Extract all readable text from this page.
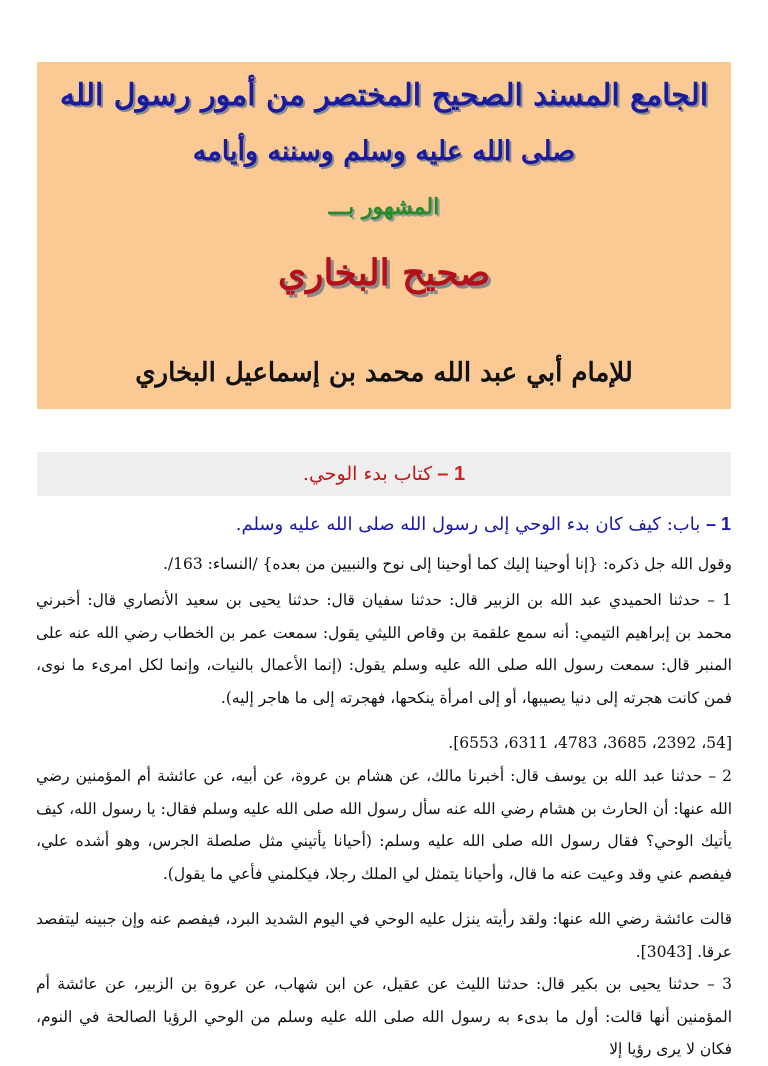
الجامع المسند الصحيح المختصر من أمور رسول الله
صلى الله عليه وسلم وسننه وأيامه
المشهور بـــ
صحيح البخاري
للإمام أبي عبد الله محمد بن إسماعيل البخاري
1 – كتاب بدء الوحي.
1 – باب: كيف كان بدء الوحي إلى رسول الله صلى الله عليه وسلم.
وقول الله جل ذكره: {إنا أوحينا إليك كما أوحينا إلى نوح والنبيين من بعده} /النساء: 163/.
1 – حدثنا الحميدي عبد الله بن الزبير قال: حدثنا سفيان قال: حدثنا يحيى بن سعيد الأنصاري قال: أخبرني محمد بن إبراهيم التيمي: أنه سمع علقمة بن وقاص الليثي يقول: سمعت عمر بن الخطاب رضي الله عنه على المنبر قال: سمعت رسول الله صلى الله عليه وسلم يقول: (إنما الأعمال بالنيات، وإنما لكل امرىء ما نوى، فمن كانت هجرته إلى دنيا يصيبها، أو إلى امرأة ينكحها، فهجرته إلى ما هاجر إليه).
[54، 2392، 3685، 4783، 6311، 6553].
2 – حدثنا عبد الله بن يوسف قال: أخبرنا مالك، عن هشام بن عروة، عن أبيه، عن عائشة أم المؤمنين رضي الله عنها: أن الحارث بن هشام رضي الله عنه سأل رسول الله صلى الله عليه وسلم فقال: يا رسول الله، كيف يأتيك الوحي؟ فقال رسول الله صلى الله عليه وسلم: (أحيانا يأتيني مثل صلصلة الجرس، وهو أشده علي، فيفصم عني وقد وعيت عنه ما قال، وأحيانا يتمثل لي الملك رجلا، فيكلمني فأعي ما يقول).
قالت عائشة رضي الله عنها: ولقد رأيته ينزل عليه الوحي في اليوم الشديد البرد، فيفصم عنه وإن جبينه ليتفصد عرقا. [3043].
3 – حدثنا يحيى بن بكير قال: حدثنا الليث عن عقيل، عن ابن شهاب، عن عروة بن الزبير، عن عائشة أم المؤمنين أنها قالت: أول ما بدىء به رسول الله صلى الله عليه وسلم من الوحي الرؤيا الصالحة في النوم، فكان لا يرى رؤيا إلا
